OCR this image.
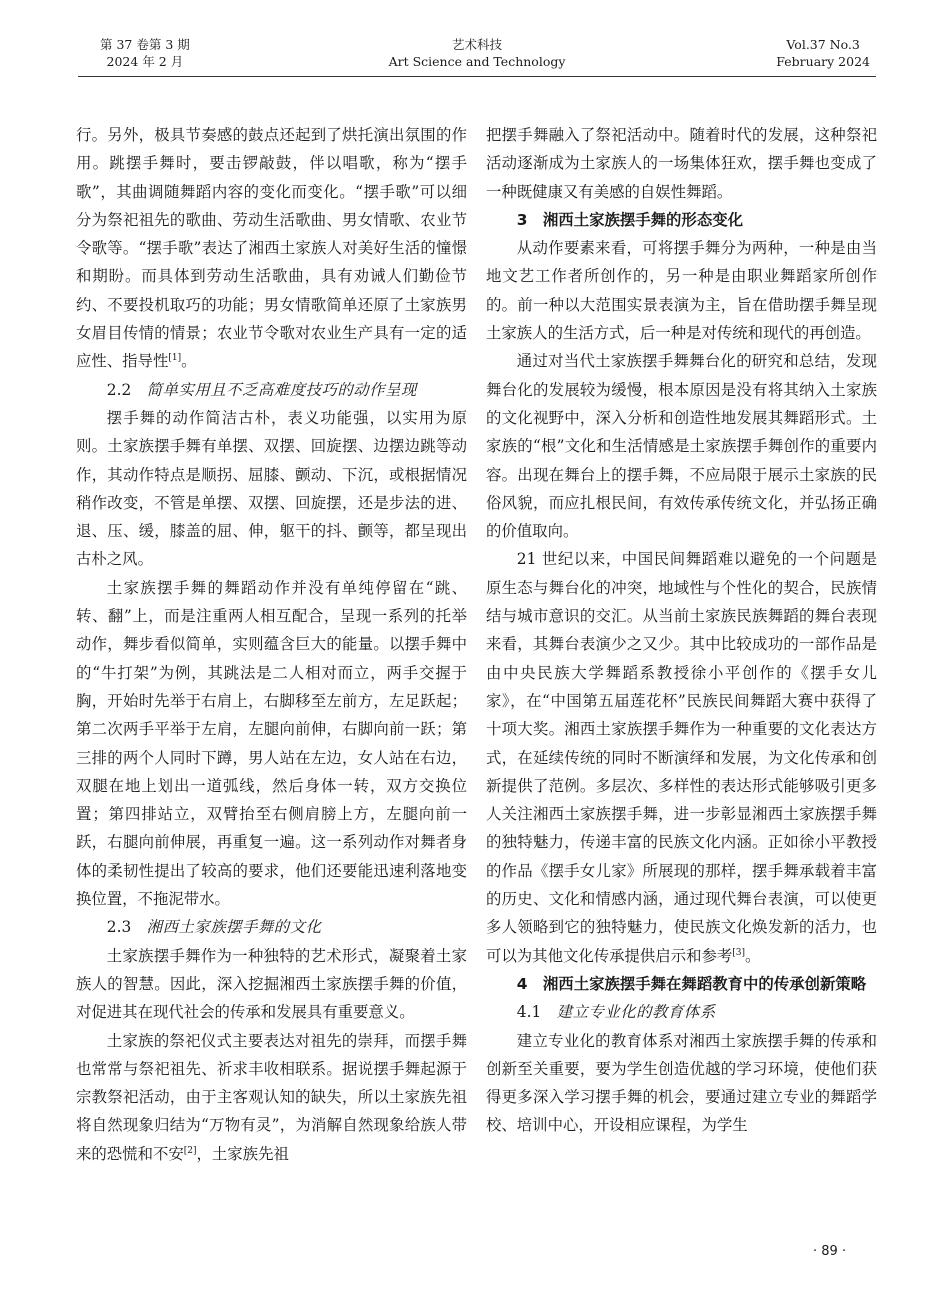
第 37 卷第 3 期
2024 年 2 月
艺术科技
Art Science and Technology
Vol.37 No.3
February 2024

行。另外，极具节奏感的鼓点还起到了烘托演出氛围的作用。跳摆手舞时，要击锣敲鼓，伴以唱歌，称为“摆手歌”，其曲调随舞蹈内容的变化而变化。“摆手歌”可以细分为祭祀祖先的歌曲、劳动生活歌曲、男女情歌、农业节令歌等。“摆手歌”表达了湘西土家族人对美好生活的憧憬和期盼。而具体到劳动生活歌曲，具有劝诫人们勤俭节约、不要投机取巧的功能；男女情歌简单还原了土家族男女眉目传情的情景；农业节令歌对农业生产具有一定的适应性、指导性[1]。

2.2 简单实用且不乏高难度技巧的动作呈现

摆手舞的动作简洁古朴，表义功能强，以实用为原则。土家族摆手舞有单摆、双摆、回旋摆、边摆边跳等动作，其动作特点是顺拐、屈膝、颤动、下沉，或根据情况稍作改变，不管是单摆、双摆、回旋摆，还是步法的进、退、压、缓，膝盖的屈、伸，躯干的抖、颤等，都呈现出古朴之风。

土家族摆手舞的舞蹈动作并没有单纯停留在“跳、转、翻”上，而是注重两人相互配合，呈现一系列的托举动作，舞步看似简单，实则蕴含巨大的能量。以摆手舞中的“牛打架”为例，其跳法是二人相对而立，两手交握于胸，开始时先举于右肩上，右脚移至左前方，左足跃起；第二次两手平举于左肩，左腿向前伸，右脚向前一跃；第三排的两个人同时下蹲，男人站在左边，女人站在右边，双腿在地上划出一道弧线，然后身体一转，双方交换位置；第四排站立，双臂抬至右侧肩膀上方，左腿向前一跃，右腿向前伸展，再重复一遍。这一系列动作对舞者身体的柔韧性提出了较高的要求，他们还要能迅速利落地变换位置，不拖泥带水。

2.3 湘西土家族摆手舞的文化

土家族摆手舞作为一种独特的艺术形式，凝聚着土家族人的智慧。因此，深入挖掘湘西土家族摆手舞的价值，对促进其在现代社会的传承和发展具有重要意义。

土家族的祭祀仪式主要表达对祖先的崇拜，而摆手舞也常常与祭祀祖先、祈求丰收相联系。据说摆手舞起源于宗教祭祀活动，由于主客观认知的缺失，所以土家族先祖将自然现象归结为“万物有灵”，为消解自然现象给族人带来的恐慌和不安[2]，土家族先祖

把摆手舞融入了祭祀活动中。随着时代的发展，这种祭祀活动逐渐成为土家族人的一场集体狂欢，摆手舞也变成了一种既健康又有美感的自娱性舞蹈。

3 湘西土家族摆手舞的形态变化

从动作要素来看，可将摆手舞分为两种，一种是由当地文艺工作者所创作的，另一种是由职业舞蹈家所创作的。前一种以大范围实景表演为主，旨在借助摆手舞呈现土家族人的生活方式，后一种是对传统和现代的再创造。

通过对当代土家族摆手舞舞台化的研究和总结，发现舞台化的发展较为缓慢，根本原因是没有将其纳入土家族的文化视野中，深入分析和创造性地发展其舞蹈形式。土家族的“根”文化和生活情感是土家族摆手舞创作的重要内容。出现在舞台上的摆手舞，不应局限于展示土家族的民俗风貌，而应扎根民间，有效传承传统文化，并弘扬正确的价值取向。

21 世纪以来，中国民间舞蹈难以避免的一个问题是原生态与舞台化的冲突，地域性与个性化的契合，民族情结与城市意识的交汇。从当前土家族民族舞蹈的舞台表现来看，其舞台表演少之又少。其中比较成功的一部作品是由中央民族大学舞蹈系教授徐小平创作的《摆手女儿家》，在“中国第五届莲花杯”民族民间舞蹈大赛中获得了十项大奖。湘西土家族摆手舞作为一种重要的文化表达方式，在延续传统的同时不断演绎和发展，为文化传承和创新提供了范例。多层次、多样性的表达形式能够吸引更多人关注湘西土家族摆手舞，进一步彰显湘西土家族摆手舞的独特魅力，传递丰富的民族文化内涵。正如徐小平教授的作品《摆手女儿家》所展现的那样，摆手舞承载着丰富的历史、文化和情感内涵，通过现代舞台表演，可以使更多人领略到它的独特魅力，使民族文化焕发新的活力，也可以为其他文化传承提供启示和参考[3]。

4 湘西土家族摆手舞在舞蹈教育中的传承创新策略
4.1 建立专业化的教育体系

建立专业化的教育体系对湘西土家族摆手舞的传承和创新至关重要，要为学生创造优越的学习环境，使他们获得更多深入学习摆手舞的机会，要通过建立专业的舞蹈学校、培训中心，开设相应课程，为学生

· 89 ·
